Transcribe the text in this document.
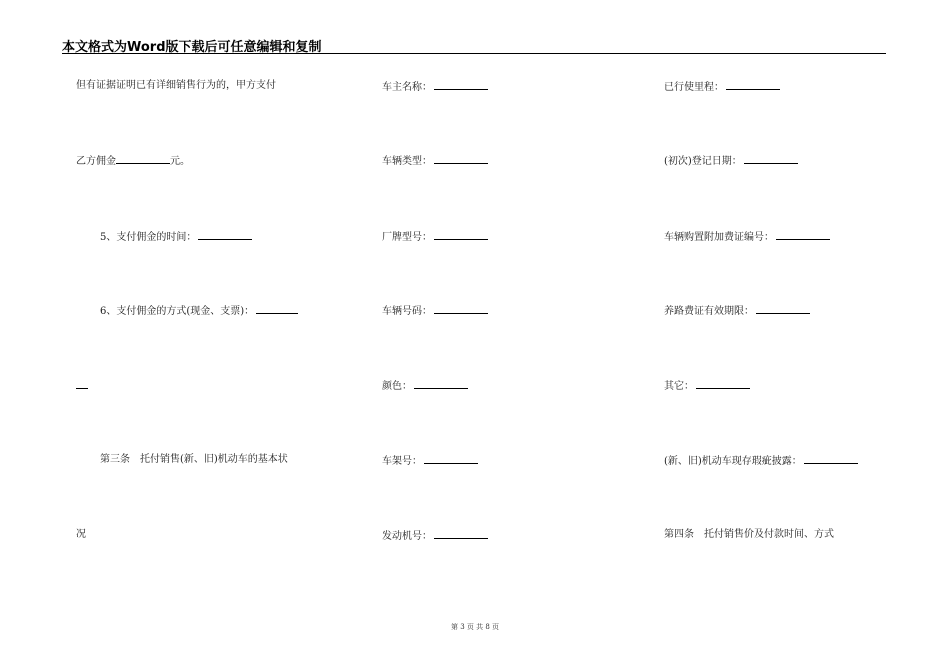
本文格式为Word版下载后可任意编辑和复制
但有证据证明已有详细销售行为的，甲方支付
乙方佣金	元。
5、支付佣金的时间：
6、支付佣金的方式(现金、支票)：
第三条　托付销售(新、旧)机动车的基本状
况
车主名称：
车辆类型：
厂牌型号：
车辆号码：
颜色：
车架号：
发动机号：
已行使里程：
(初次)登记日期：
车辆购置附加费证编号：
养路费证有效期限：
其它：
(新、旧)机动车现存瑕疵披露：
第四条　托付销售价及付款时间、方式
第 3 页 共 8 页
